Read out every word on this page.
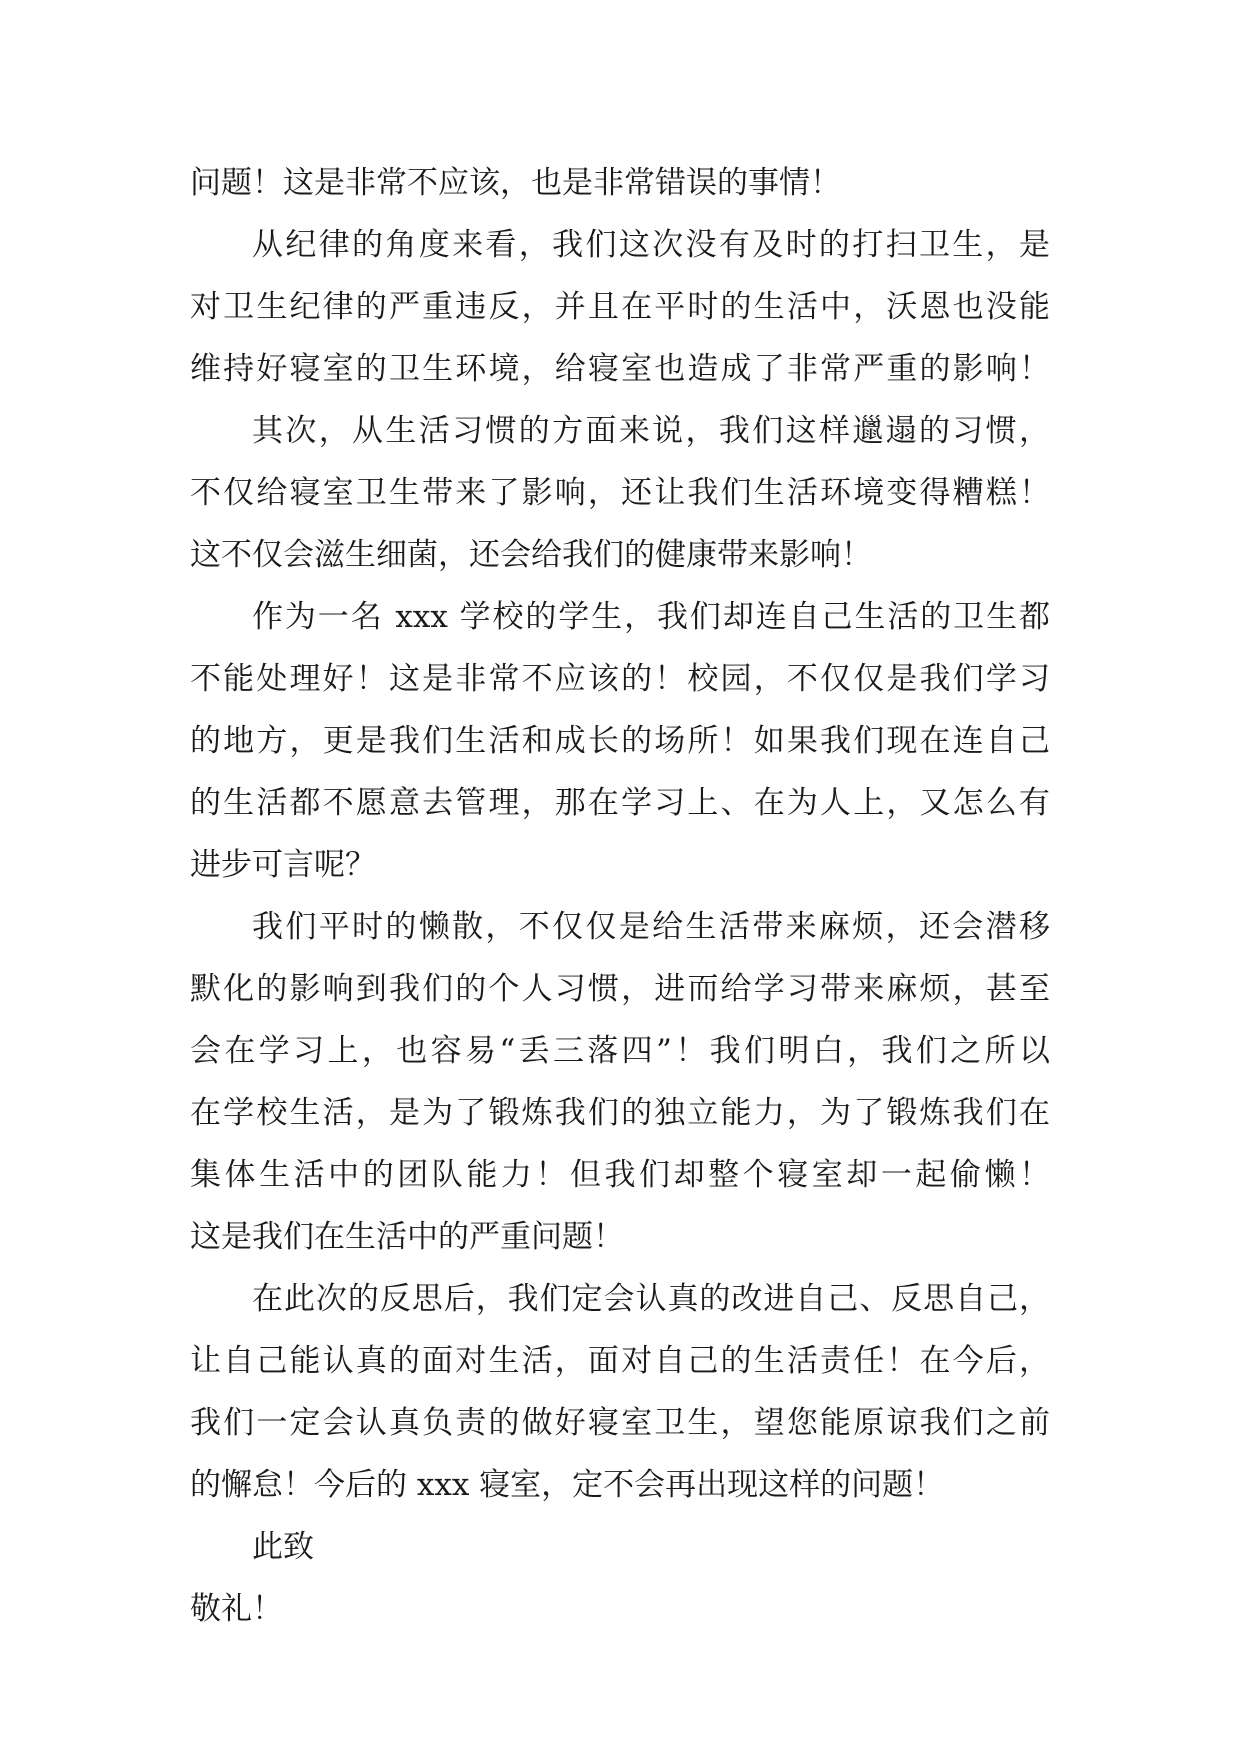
问题！这是非常不应该，也是非常错误的事情！
从纪律的角度来看，我们这次没有及时的打扫卫生，是
对卫生纪律的严重违反，并且在平时的生活中，沃恩也没能
维持好寝室的卫生环境，给寝室也造成了非常严重的影响！
其次，从生活习惯的方面来说，我们这样邋遢的习惯，
不仅给寝室卫生带来了影响，还让我们生活环境变得糟糕！
这不仅会滋生细菌，还会给我们的健康带来影响！
作为一名 xxx 学校的学生，我们却连自己生活的卫生都
不能处理好！这是非常不应该的！校园，不仅仅是我们学习
的地方，更是我们生活和成长的场所！如果我们现在连自己
的生活都不愿意去管理，那在学习上、在为人上，又怎么有
进步可言呢？
我们平时的懒散，不仅仅是给生活带来麻烦，还会潜移
默化的影响到我们的个人习惯，进而给学习带来麻烦，甚至
会在学习上，也容易“丢三落四”！我们明白，我们之所以
在学校生活，是为了锻炼我们的独立能力，为了锻炼我们在
集体生活中的团队能力！但我们却整个寝室却一起偷懒！
这是我们在生活中的严重问题！
在此次的反思后，我们定会认真的改进自己、反思自己，
让自己能认真的面对生活，面对自己的生活责任！在今后，
我们一定会认真负责的做好寝室卫生，望您能原谅我们之前
的懈怠！今后的 xxx 寝室，定不会再出现这样的问题！
此致
敬礼！
